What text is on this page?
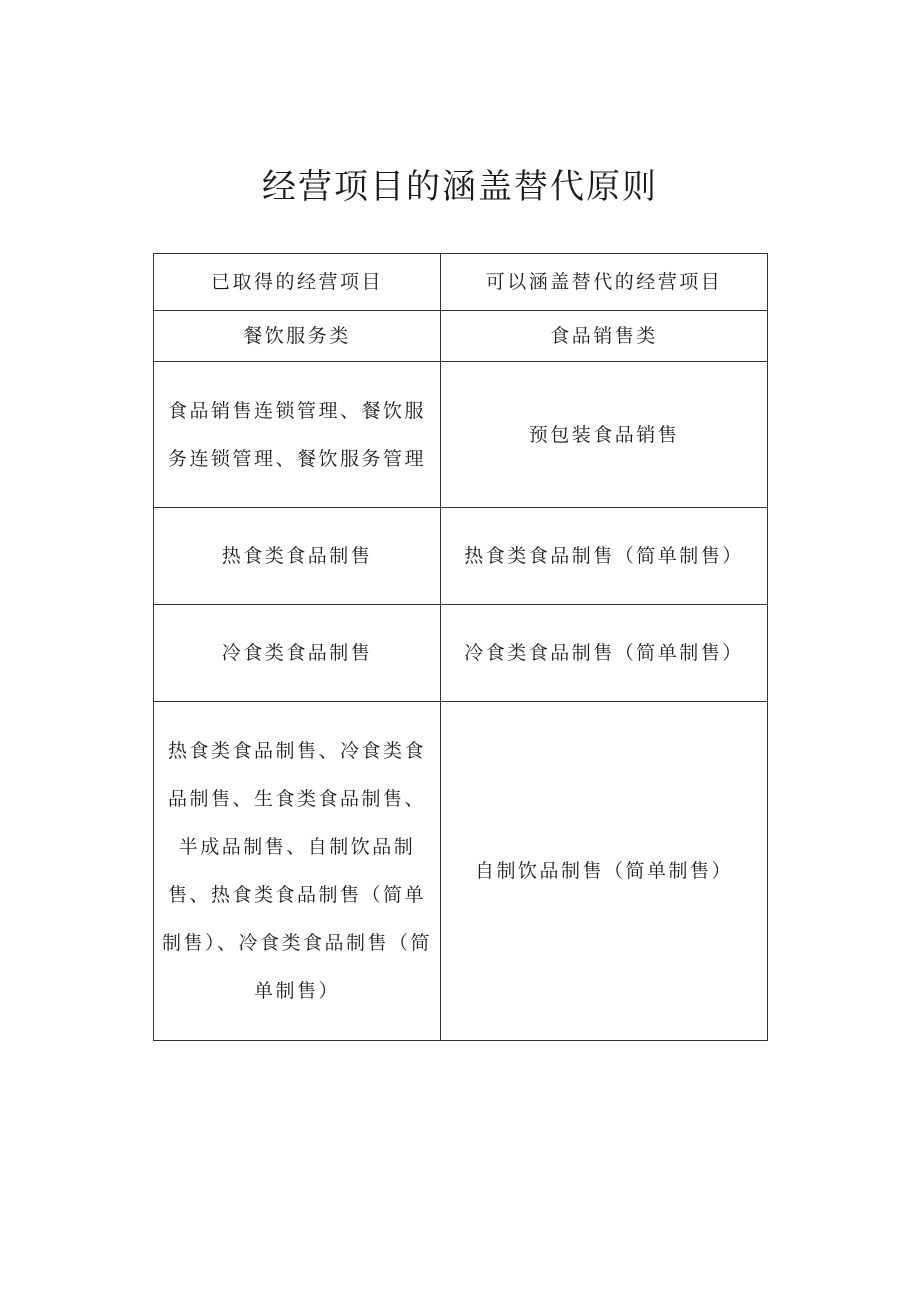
经营项目的涵盖替代原则
已取得的经营项目	可以涵盖替代的经营项目
餐饮服务类	食品销售类
食品销售连锁管理、餐饮服务连锁管理、餐饮服务管理	预包装食品销售
热食类食品制售	热食类食品制售（简单制售）
冷食类食品制售	冷食类食品制售（简单制售）
热食类食品制售、冷食类食品制售、生食类食品制售、半成品制售、自制饮品制售、热食类食品制售（简单制售）、冷食类食品制售（简单制售）	自制饮品制售（简单制售）
